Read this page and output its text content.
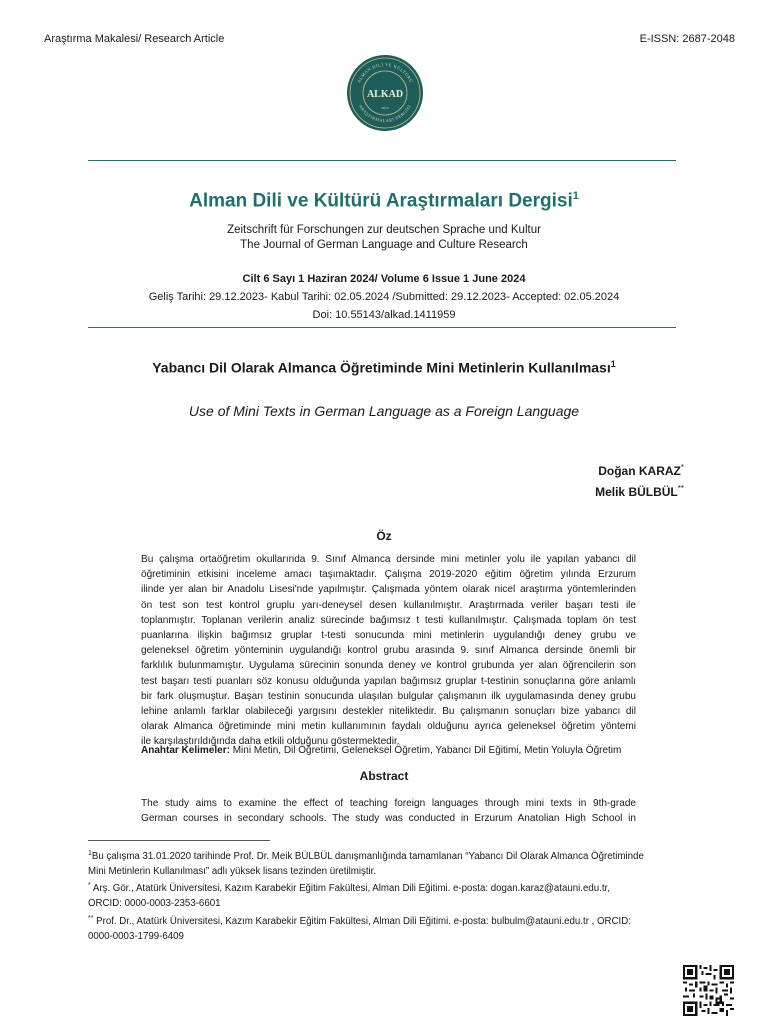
Araştırma Makalesi/ Research Article	E-ISSN: 2687-2048
ALMAN DİLİ VE KÜLTÜRÜ
ARAŞTIRMALARI DERGİSİ
ALKAD
2019
Alman Dili ve Kültürü Araştırmaları Dergisi$^1$
Zeitschrift für Forschungen zur deutschen Sprache und Kultur
The Journal of German Language and Culture Research
Cilt 6 Sayı 1 Haziran 2024/ Volume 6 Issue 1 June 2024
Geliş Tarihi: 29.12.2023- Kabul Tarihi: 02.05.2024 /Submitted: 29.12.2023- Accepted: 02.05.2024
Doi: 10.55143/alkad.1411959
Yabancı Dil Olarak Almanca Öğretiminde Mini Metinlerin Kullanılması$^1$
Use of Mini Texts in German Language as a Foreign Language
Doğan KARAZ*
Melik BÜLBÜL**
Öz
Bu çalışma ortaöğretim okullarında 9. Sınıf Almanca dersinde mini metinler yolu ile yapılan yabancı dil
öğretiminin etkisini inceleme amacı taşımaktadır. Çalışma 2019-2020 eğitim öğretim yılında Erzurum
ilinde yer alan bir Anadolu Lisesi'nde yapılmıştır. Çalışmada yöntem olarak nicel araştırma yöntemlerinden
ön test son test kontrol gruplu yarı-deneysel desen kullanılmıştır. Araştırmada veriler başarı testi ile
toplanmıştır. Toplanan verilerin analiz sürecinde bağımsız t testi kullanılmıştır. Çalışmada toplam ön test
puanlarına ilişkin bağımsız gruplar t-testi sonucunda mini metinlerin uygulandığı deney grubu ve
geleneksel öğretim yönteminin uygulandığı kontrol grubu arasında 9. sınıf Almanca dersinde önemli bir
farklılık bulunmamıştır. Uygulama sürecinin sonunda deney ve kontrol grubunda yer alan öğrencilerin son
test başarı testi puanları söz konusu olduğunda yapılan bağımsız gruplar t-testinin sonuçlarına göre anlamlı
bir fark oluşmuştur. Başarı testinin sonucunda ulaşılan bulgular çalışmanın ilk uygulamasında deney grubu
lehine anlamlı farklar olabileceği yargısını destekler niteliktedir. Bu çalışmanın sonuçları bize yabancı dil
olarak Almanca öğretiminde mini metin kullanımının faydalı olduğunu ayrıca geleneksel öğretim yöntemi
ile karşılaştırıldığında daha etkili olduğunu göstermektedir.
Anahtar Kelimeler: Mini Metin, Dil Öğretimi, Geleneksel Öğretim, Yabancı Dil Eğitimi, Metin Yoluyla Öğretim
Abstract
The study aims to examine the effect of teaching foreign languages through mini texts in 9th-grade
German courses in secondary schools. The study was conducted in Erzurum Anatolian High School in
$^1$Bu çalışma 31.01.2020 tarihinde Prof. Dr. Meik BÜLBÜL danışmanlığında tamamlanan “Yabancı Dil Olarak Almanca Öğretiminde
Mini Metinlerin Kullanılması” adlı yüksek lisans tezinden üretilmiştir.
* Arş. Gör., Atatürk Üniversitesi, Kazım Karabekir Eğitim Fakültesi, Alman Dili Eğitimi. e-posta: dogan.karaz@atauni.edu.tr,
ORCID: 0000-0003-2353-6601
** Prof. Dr., Atatürk Üniversitesi, Kazım Karabekir Eğitim Fakültesi, Alman Dili Eğitimi. e-posta: bulbulm@atauni.edu.tr , ORCID:
0000-0003-1799-6409
